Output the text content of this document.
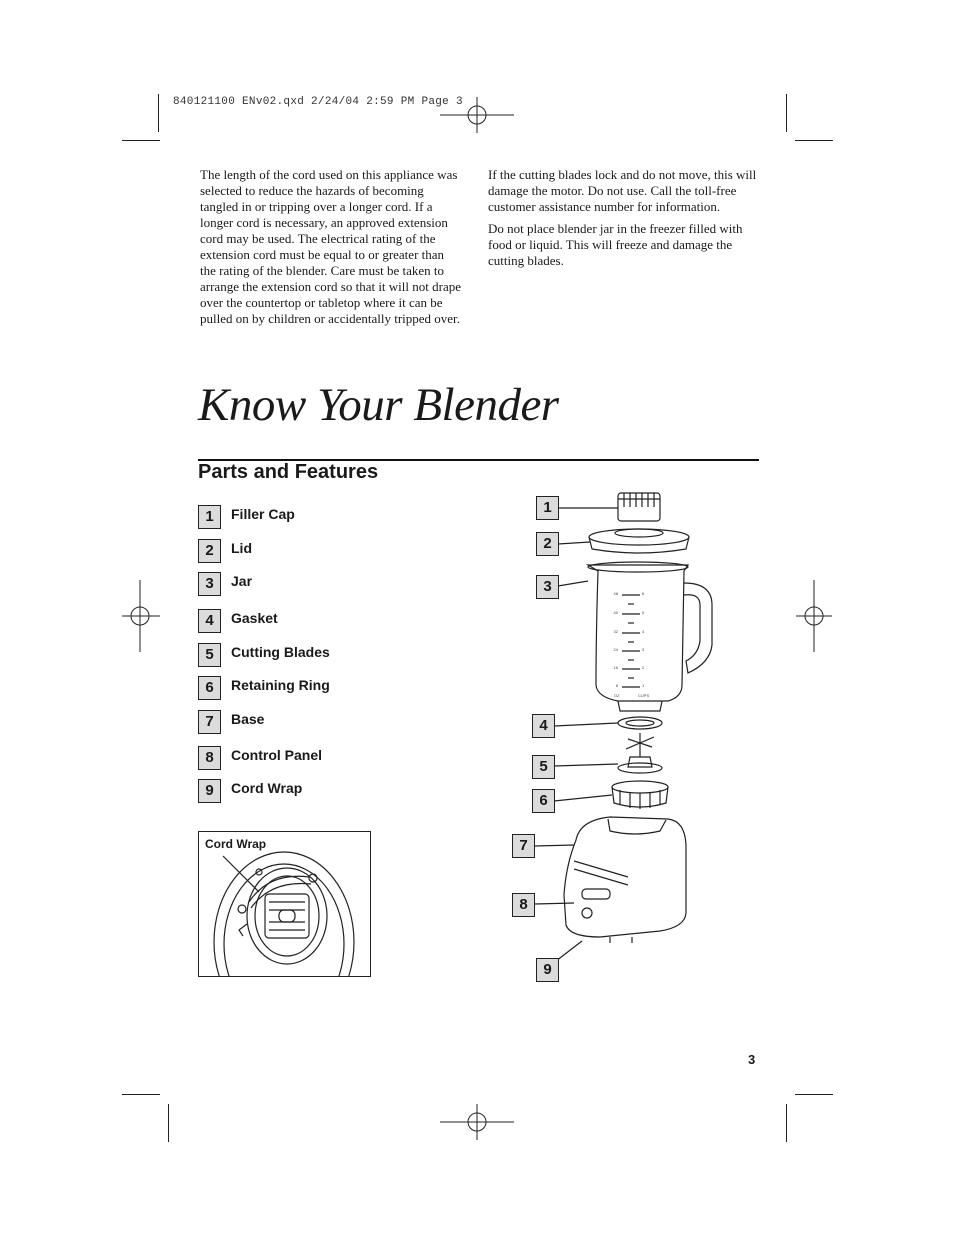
840121100 ENv02.qxd 2/24/04 2:59 PM Page 3

The length of the cord used on this appliance was selected to reduce the hazards of becoming tangled in or tripping over a longer cord. If a longer cord is necessary, an approved extension cord may be used. The electrical rating of the extension cord must be equal to or greater than the rating of the blender. Care must be taken to arrange the extension cord so that it will not drape over the countertop or tabletop where it can be pulled on by children or accidentally tripped over.

If the cutting blades lock and do not move, this will damage the motor. Do not use. Call the toll-free customer assistance number for information.

Do not place blender jar in the freezer filled with food or liquid. This will freeze and damage the cutting blades.

Know Your Blender
Parts and Features
1	Filler Cap
2	Lid
3	Jar
4	Gasket
5	Cutting Blades
6	Retaining Ring
7	Base
8	Control Panel
9	Cord Wrap
Cord Wrap
48
40
32
24
16
8
6
5
4
3
2
1
OZ	CUPS
1
2
3
4
5
6
7
8
9
3
